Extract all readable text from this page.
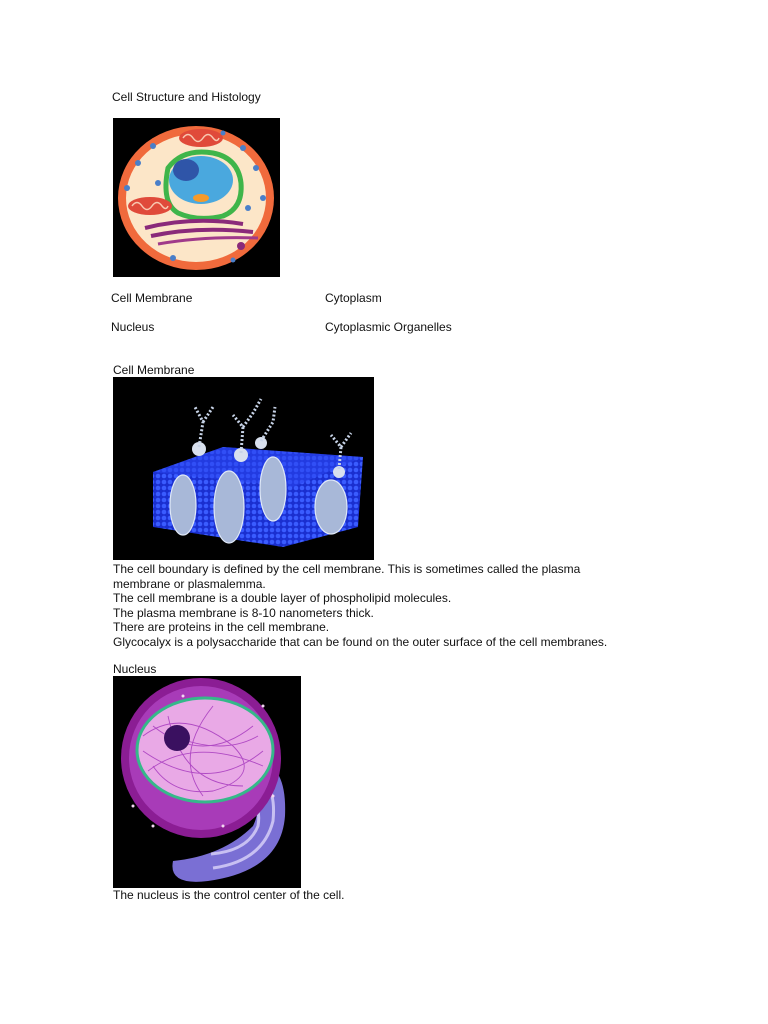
Cell Structure and Histology
Cell Membrane	Cytoplasm
Nucleus	Cytoplasmic Organelles
Cell Membrane
The cell boundary is defined by the cell membrane. This is sometimes called the plasma
membrane or plasmalemma.
The cell membrane is a double layer of phospholipid molecules.
The plasma membrane is 8-10 nanometers thick.
There are proteins in the cell membrane.
Glycocalyx is a polysaccharide that can be found on the outer surface of the cell membranes.
Nucleus
The nucleus is the control center of the cell.
